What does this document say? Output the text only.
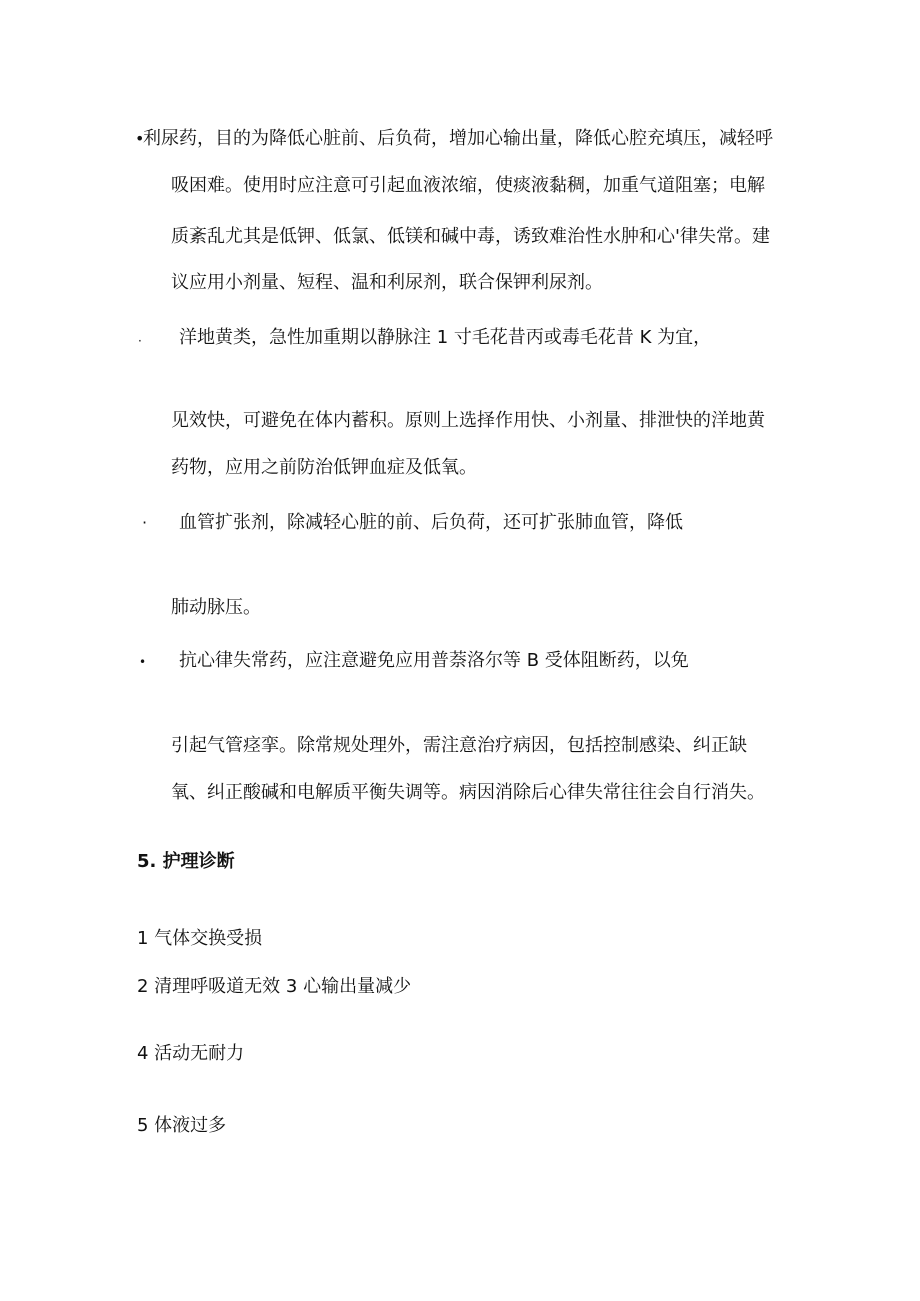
•
利尿药，目的为降低心脏前、后负荷，增加心输出量，降低心腔充填压，减轻呼
吸困难。使用时应注意可引起血液浓缩，使痰液黏稠，加重气道阻塞；电解
质紊乱尤其是低钾、低氯、低镁和碱中毒，诱致难治性水肿和心'律失常。建
议应用小剂量、短程、温和利尿剂，联合保钾利尿剂。
· 洋地黄类，急性加重期以静脉注 1 寸毛花昔丙或毒毛花昔 K 为宜，
见效快，可避免在体内蓄积。原则上选择作用快、小剂量、排泄快的洋地黄
药物，应用之前防治低钾血症及低氧。
· 血管扩张剂，除减轻心脏的前、后负荷，还可扩张肺血管，降低
肺动脉压。
• 抗心律失常药，应注意避免应用普萘洛尔等 B 受体阻断药，以免
引起气管痉挛。除常规处理外，需注意治疗病因，包括控制感染、纠正缺
氧、纠正酸碱和电解质平衡失调等。病因消除后心律失常往往会自行消失。
5. 护理诊断
1 气体交换受损
2 清理呼吸道无效 3 心输出量减少
4 活动无耐力
5 体液过多
